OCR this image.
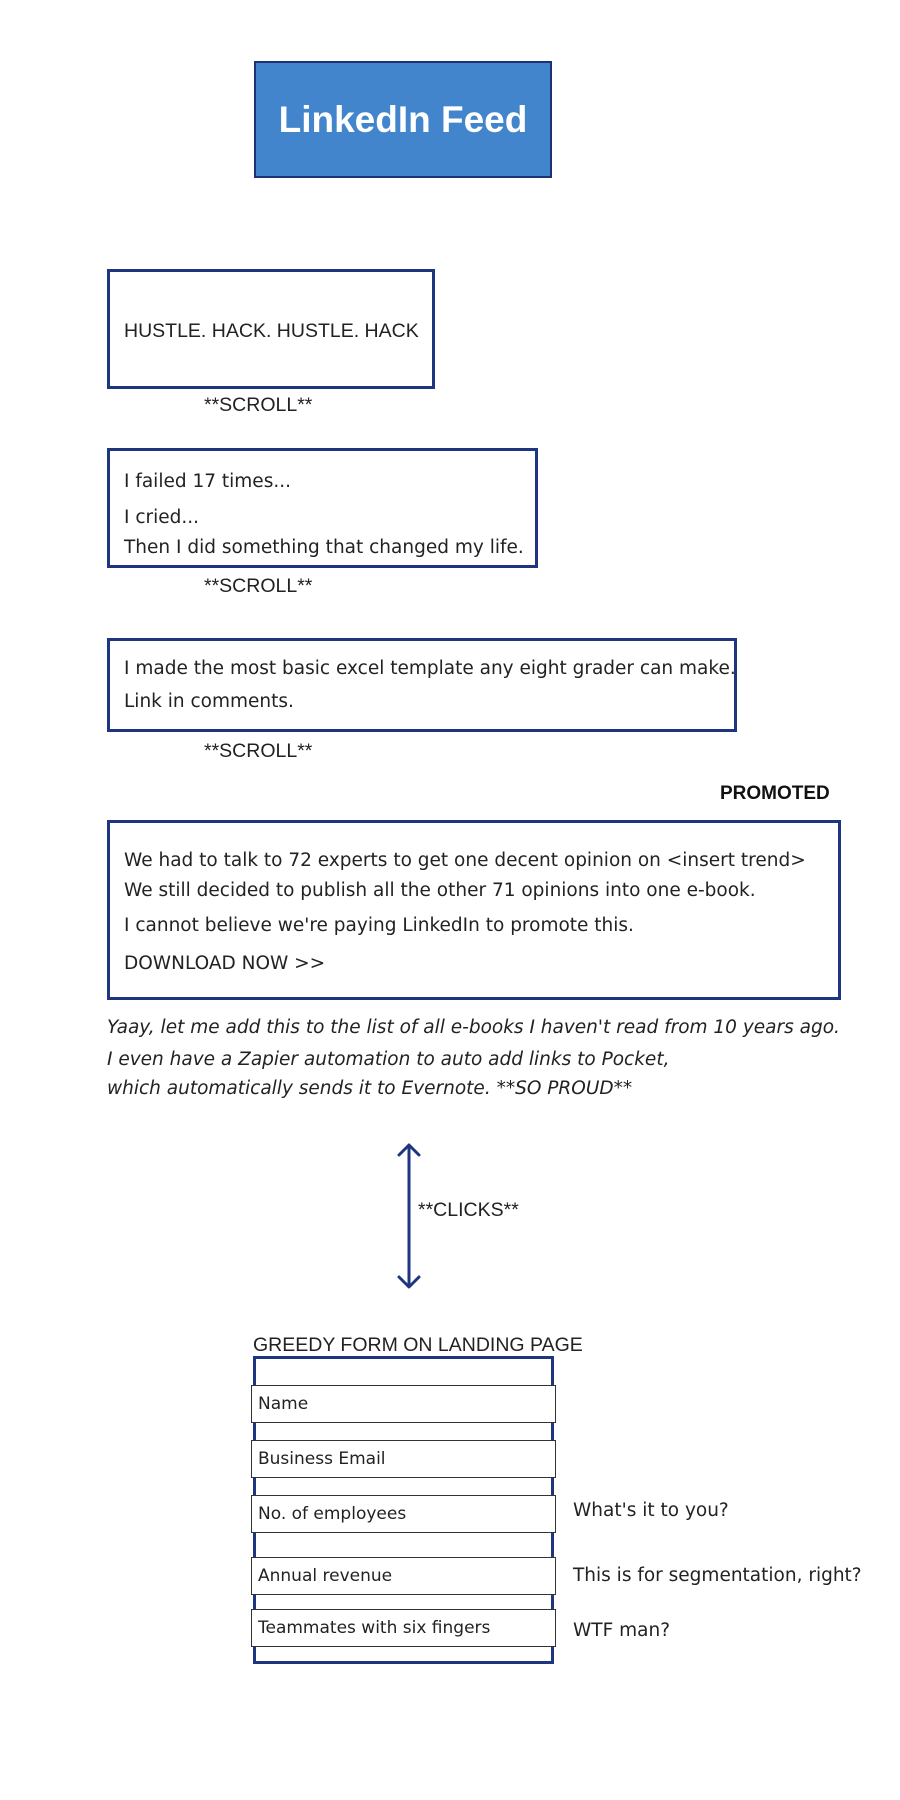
LinkedIn Feed
HUSTLE. HACK. HUSTLE. HACK
**SCROLL**
I failed 17 times...
I cried...
Then I did something that changed my life.
**SCROLL**
I made the most basic excel template any eight grader can make.
Link in comments.
**SCROLL**
PROMOTED
We had to talk to 72 experts to get one decent opinion on <insert trend>
We still decided to publish all the other 71 opinions into one e-book.
I cannot believe we're paying LinkedIn to promote this.
DOWNLOAD NOW >>
Yaay, let me add this to the list of all e-books I haven't read from 10 years ago.
I even have a Zapier automation to auto add links to Pocket,
which automatically sends it to Evernote. **SO PROUD**
**CLICKS**
GREEDY FORM ON LANDING PAGE
Name
Business Email
No. of employees
Annual revenue
Teammates with six fingers
What's it to you?
This is for segmentation, right?
WTF man?
